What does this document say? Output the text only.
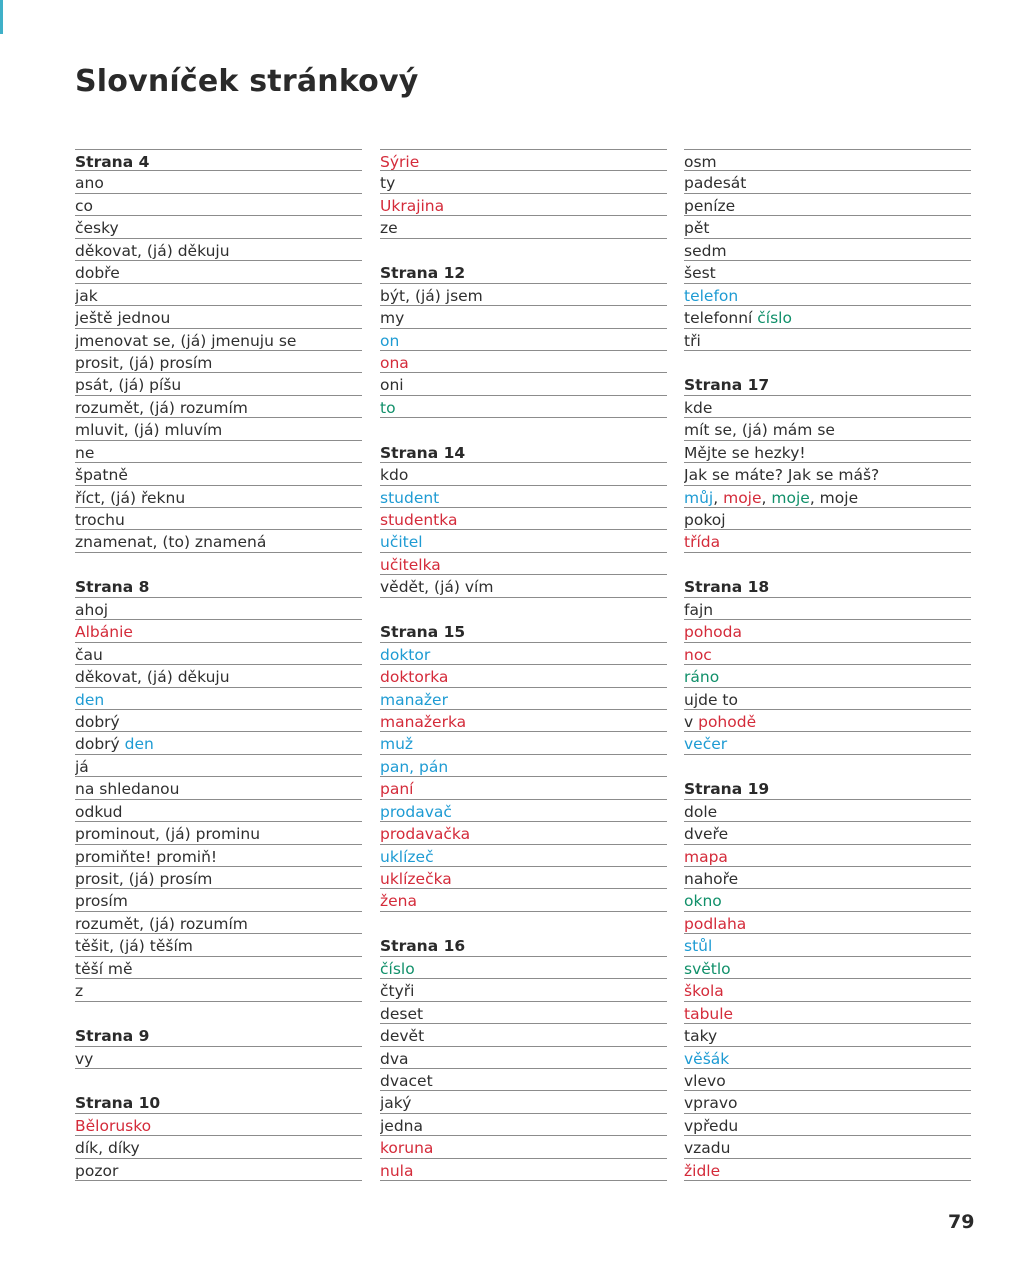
Slovníček stránkový
Strana 4
ano
co
česky
děkovat, (já) děkuju
dobře
jak
ještě jednou
jmenovat se, (já) jmenuju se
prosit, (já) prosím
psát, (já) píšu
rozumět, (já) rozumím
mluvit, (já) mluvím
ne
špatně
říct, (já) řeknu
trochu
znamenat, (to) znamená
Strana 8
ahoj
Albánie
čau
děkovat, (já) děkuju
den
dobrý
dobrý den
já
na shledanou
odkud
prominout, (já) prominu
promiňte! promiň!
prosit, (já) prosím
prosím
rozumět, (já) rozumím
těšit, (já) těším
těší mě
z
Strana 9
vy
Strana 10
Bělorusko
dík, díky
pozor
Sýrie
ty
Ukrajina
ze
Strana 12
být, (já) jsem
my
on
ona
oni
to
Strana 14
kdo
student
studentka
učitel
učitelka
vědět, (já) vím
Strana 15
doktor
doktorka
manažer
manažerka
muž
pan, pán
paní
prodavač
prodavačka
uklízeč
uklízečka
žena
Strana 16
číslo
čtyři
deset
devět
dva
dvacet
jaký
jedna
koruna
nula
osm
padesát
peníze
pět
sedm
šest
telefon
telefonní číslo
tři
Strana 17
kde
mít se, (já) mám se
Mějte se hezky!
Jak se máte? Jak se máš?
můj, moje, moje, moje
pokoj
třída
Strana 18
fajn
pohoda
noc
ráno
ujde to
v pohodě
večer
Strana 19
dole
dveře
mapa
nahoře
okno
podlaha
stůl
světlo
škola
tabule
taky
věšák
vlevo
vpravo
vpředu
vzadu
židle
79
